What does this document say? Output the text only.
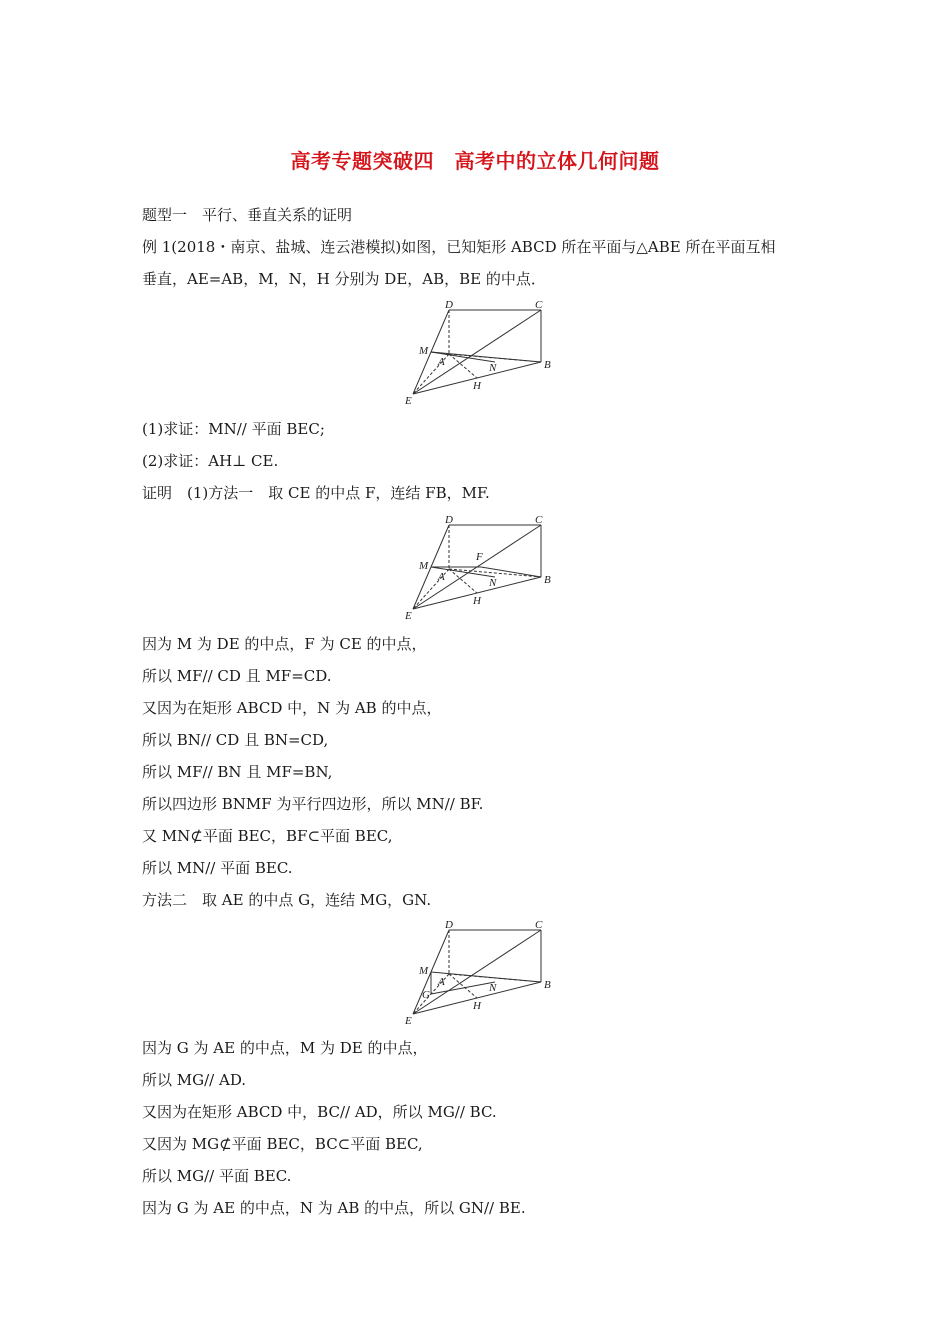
高考专题突破四　高考中的立体几何问题
题型一　平行、垂直关系的证明
例 1(2018・南京、盐城、连云港模拟)如图，已知矩形 ABCD 所在平面与△ABE 所在平面互相
垂直，AE=AB，M，N，H 分别为 DE，AB，BE 的中点．
D	C
M
A	N	B
H
E
(1)求证：MN// 平面 BEC;
(2)求证：AH⊥ CE.
证明　(1)方法一　取 CE 的中点 F，连结 FB，MF.
D	C
F
M
A	N	B
H
E
因为 M 为 DE 的中点，F 为 CE 的中点，
所以 MF// CD 且 MF=CD.
又因为在矩形 ABCD 中，N 为 AB 的中点，
所以 BN// CD 且 BN=CD,
所以 MF// BN 且 MF=BN,
所以四边形 BNMF 为平行四边形，所以 MN// BF.
又 MN⊄平面 BEC，BF⊂平面 BEC,
所以 MN// 平面 BEC.
方法二　取 AE 的中点 G，连结 MG，GN.
D	C
M
A
G
N	B
H
E
因为 G 为 AE 的中点，M 为 DE 的中点，
所以 MG// AD.
又因为在矩形 ABCD 中，BC// AD，所以 MG// BC.
又因为 MG⊄平面 BEC，BC⊂平面 BEC,
所以 MG// 平面 BEC.
因为 G 为 AE 的中点，N 为 AB 的中点，所以 GN// BE.
